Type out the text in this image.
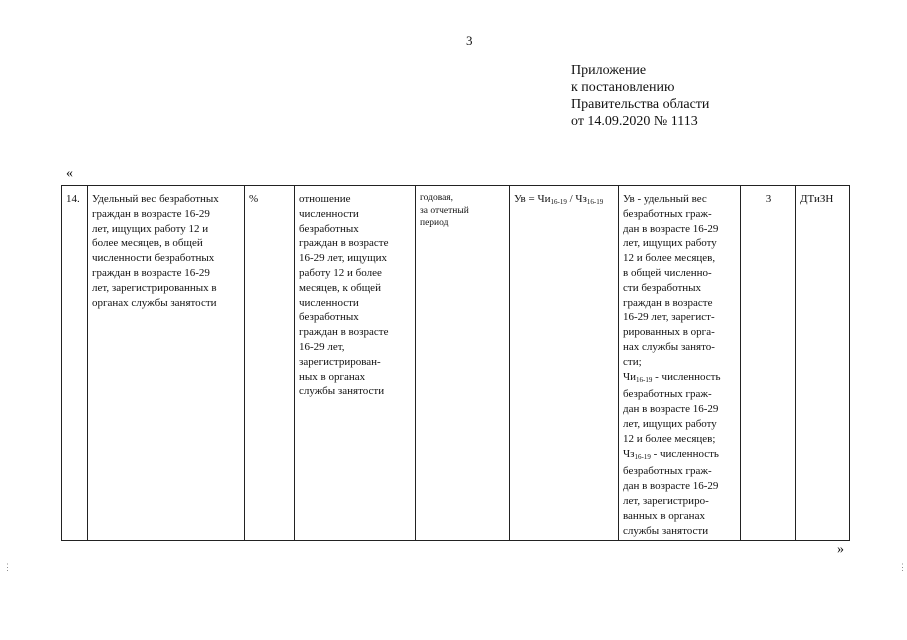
3
Приложение
к постановлению
Правительства области
от 14.09.2020 № 1113
«
14.	Удельный вес безработных
граждан в возрасте 16-29
лет, ищущих работу 12 и
более месяцев, в общей
численности безработных
граждан в возрасте 16-29
лет, зарегистрированных в
органах службы занятости	%	отношение
численности
безработных
граждан в возрасте
16-29 лет, ищущих
работу 12 и более
месяцев, к общей
численности
безработных
граждан в возрасте
16-29 лет,
зарегистрирован-
ных в органах
службы занятости	годовая,
за отчетный
период	Ув = $Чи_{16-19} / Чз_{16-19}$	Ув - удельный вес
безработных граж-
дан в возрасте 16-29
лет, ищущих работу
12 и более месяцев,
в общей численно-
сти безработных
граждан в возрасте
16-29 лет, зарегист-
рированных в орга-
нах службы занято-
сти;
$Чи_{16-19}$ - численность
безработных граж-
дан в возрасте 16-29
лет, ищущих работу
12 и более месяцев;
$Чз_{16-19}$ - численность
безработных граж-
дан в возрасте 16-29
лет, зарегистриро-
ванных в органах
службы занятости	3	ДТиЗН
»
⋮	⋮
